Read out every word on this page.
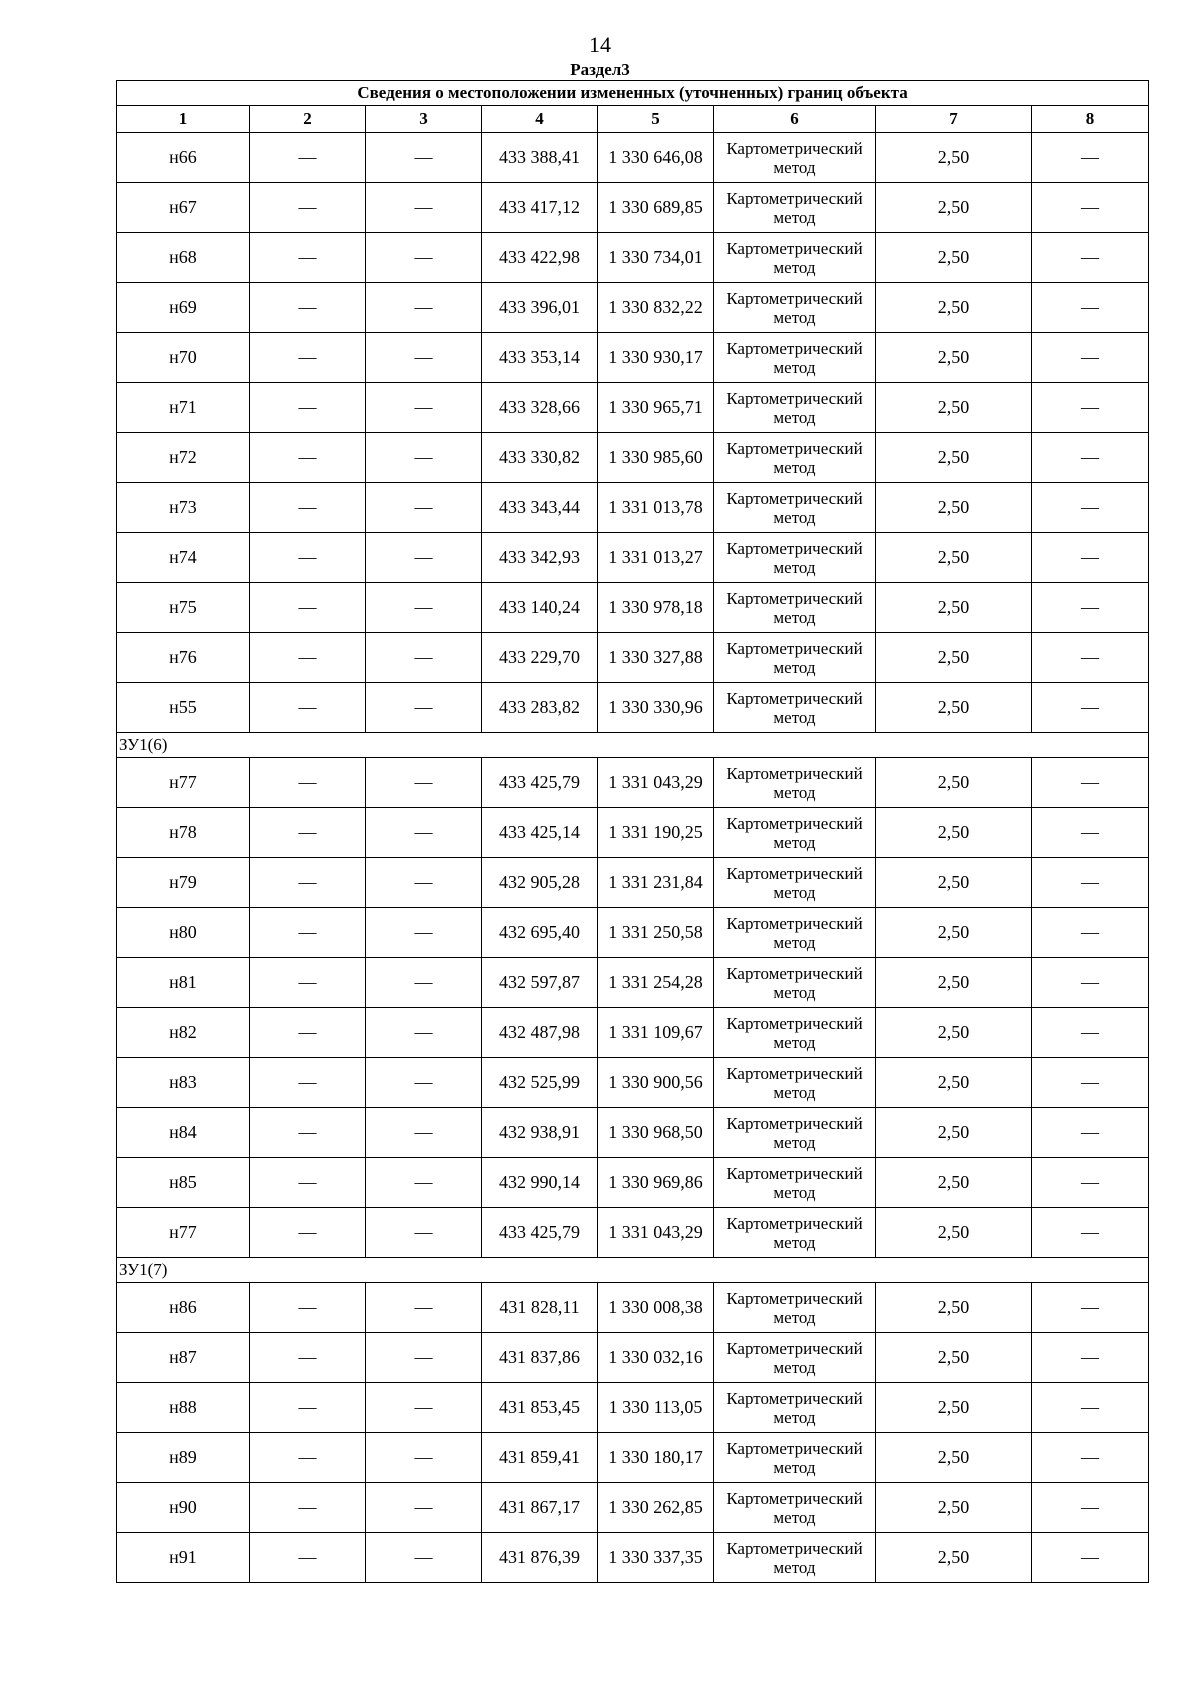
14
Раздел3
Сведения о местоположении измененных (уточненных) границ объекта							
1	2	3	4	5	6	7	8
н66	—	—	433 388,41	1 330 646,08	Картометрический метод	2,50	—
н67	—	—	433 417,12	1 330 689,85	Картометрический метод	2,50	—
н68	—	—	433 422,98	1 330 734,01	Картометрический метод	2,50	—
н69	—	—	433 396,01	1 330 832,22	Картометрический метод	2,50	—
н70	—	—	433 353,14	1 330 930,17	Картометрический метод	2,50	—
н71	—	—	433 328,66	1 330 965,71	Картометрический метод	2,50	—
н72	—	—	433 330,82	1 330 985,60	Картометрический метод	2,50	—
н73	—	—	433 343,44	1 331 013,78	Картометрический метод	2,50	—
н74	—	—	433 342,93	1 331 013,27	Картометрический метод	2,50	—
н75	—	—	433 140,24	1 330 978,18	Картометрический метод	2,50	—
н76	—	—	433 229,70	1 330 327,88	Картометрический метод	2,50	—
н55	—	—	433 283,82	1 330 330,96	Картометрический метод	2,50	—
ЗУ1(6)							
н77	—	—	433 425,79	1 331 043,29	Картометрический метод	2,50	—
н78	—	—	433 425,14	1 331 190,25	Картометрический метод	2,50	—
н79	—	—	432 905,28	1 331 231,84	Картометрический метод	2,50	—
н80	—	—	432 695,40	1 331 250,58	Картометрический метод	2,50	—
н81	—	—	432 597,87	1 331 254,28	Картометрический метод	2,50	—
н82	—	—	432 487,98	1 331 109,67	Картометрический метод	2,50	—
н83	—	—	432 525,99	1 330 900,56	Картометрический метод	2,50	—
н84	—	—	432 938,91	1 330 968,50	Картометрический метод	2,50	—
н85	—	—	432 990,14	1 330 969,86	Картометрический метод	2,50	—
н77	—	—	433 425,79	1 331 043,29	Картометрический метод	2,50	—
ЗУ1(7)							
н86	—	—	431 828,11	1 330 008,38	Картометрический метод	2,50	—
н87	—	—	431 837,86	1 330 032,16	Картометрический метод	2,50	—
н88	—	—	431 853,45	1 330 113,05	Картометрический метод	2,50	—
н89	—	—	431 859,41	1 330 180,17	Картометрический метод	2,50	—
н90	—	—	431 867,17	1 330 262,85	Картометрический метод	2,50	—
н91	—	—	431 876,39	1 330 337,35	Картометрический метод	2,50	—
